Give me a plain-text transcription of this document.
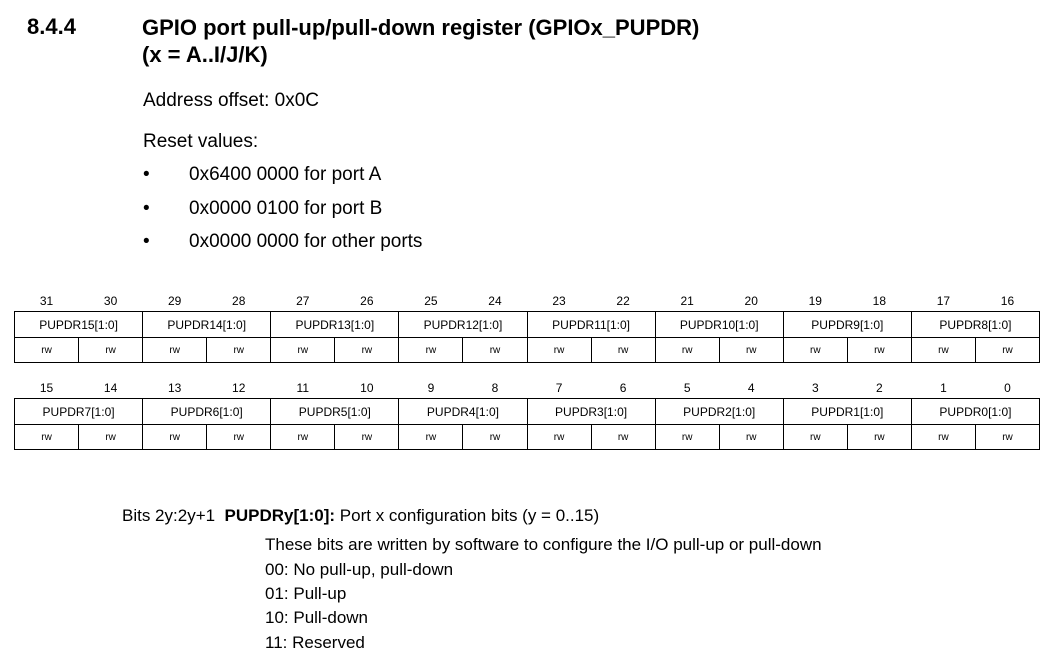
8.4.4	GPIO port pull-up/pull-down register (GPIOx_PUPDR)
(x = A..I/J/K)
Address offset: 0x0C
Reset values:
• 0x6400 0000 for port A
• 0x0000 0100 for port B
• 0x0000 0000 for other ports
31	30	29	28	27	26	25	24	23	22	21	20	19	18	17	16
PUPDR15[1:0]		PUPDR14[1:0]		PUPDR13[1:0]		PUPDR12[1:0]		PUPDR11[1:0]		PUPDR10[1:0]		PUPDR9[1:0]		PUPDR8[1:0]	
rw	rw	rw	rw	rw	rw	rw	rw	rw	rw	rw	rw	rw	rw	rw	rw
15	14	13	12	11	10	9	8	7	6	5	4	3	2	1	0
PUPDR7[1:0]		PUPDR6[1:0]		PUPDR5[1:0]		PUPDR4[1:0]		PUPDR3[1:0]		PUPDR2[1:0]		PUPDR1[1:0]		PUPDR0[1:0]	
rw	rw	rw	rw	rw	rw	rw	rw	rw	rw	rw	rw	rw	rw	rw	rw
Bits 2y:2y+1 PUPDRy[1:0]: Port x configuration bits (y = 0..15)
These bits are written by software to configure the I/O pull-up or pull-down
00: No pull-up, pull-down
01: Pull-up
10: Pull-down
11: Reserved
